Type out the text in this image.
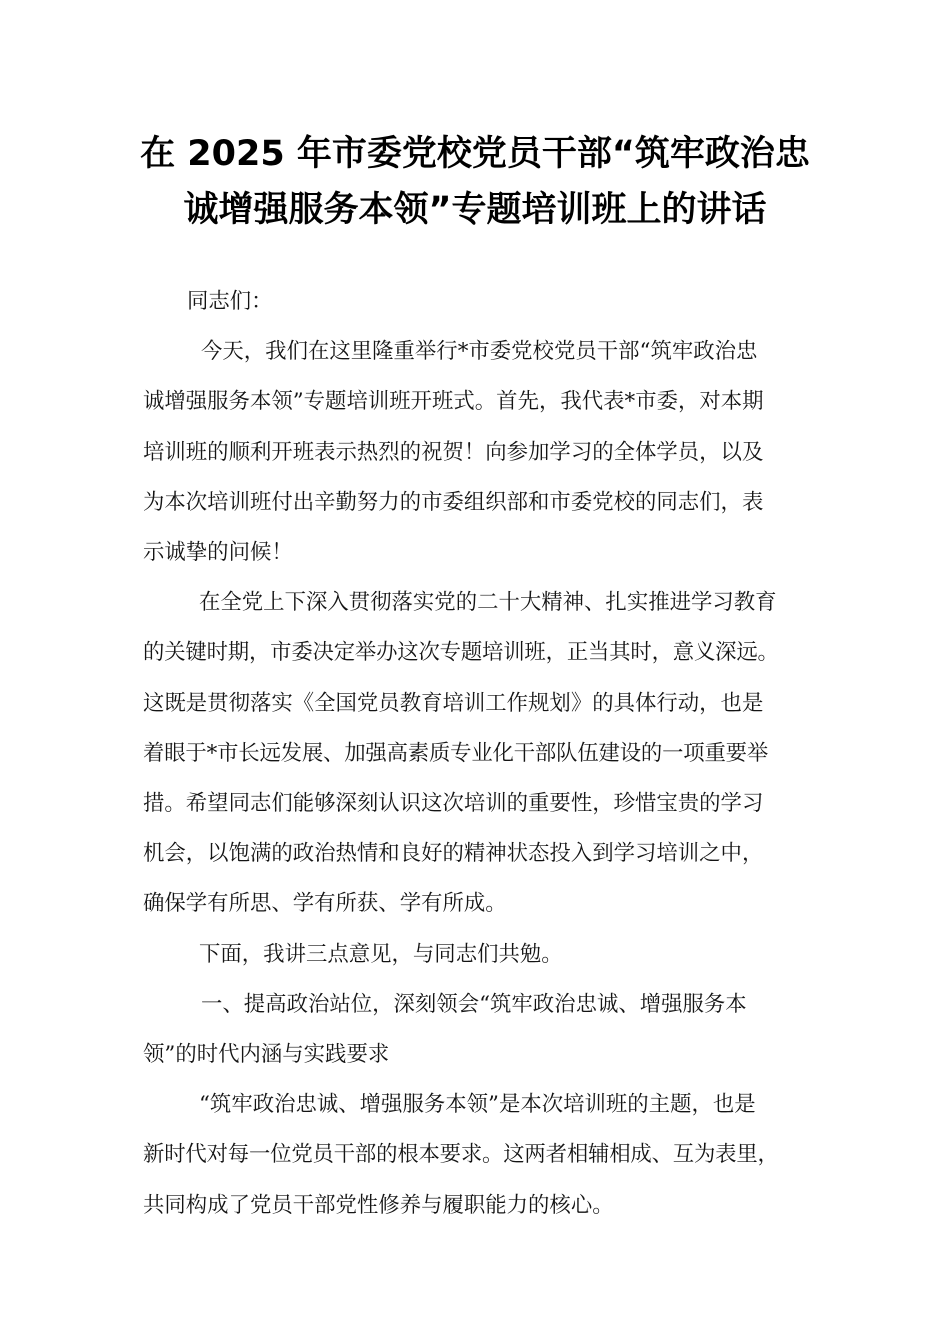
在 2025 年市委党校党员干部“筑牢政治忠
诚增强服务本领”专题培训班上的讲话

同志们：

今天，我们在这里隆重举行*市委党校党员干部“筑牢政治忠

诚增强服务本领”专题培训班开班式。首先，我代表*市委，对本期

培训班的顺利开班表示热烈的祝贺！向参加学习的全体学员，以及

为本次培训班付出辛勤努力的市委组织部和市委党校的同志们，表

示诚挚的问候！

在全党上下深入贯彻落实党的二十大精神、扎实推进学习教育

的关键时期，市委决定举办这次专题培训班，正当其时，意义深远。

这既是贯彻落实《全国党员教育培训工作规划》的具体行动，也是

着眼于*市长远发展、加强高素质专业化干部队伍建设的一项重要举

措。希望同志们能够深刻认识这次培训的重要性，珍惜宝贵的学习

机会，以饱满的政治热情和良好的精神状态投入到学习培训之中，

确保学有所思、学有所获、学有所成。

下面，我讲三点意见，与同志们共勉。

一、提高政治站位，深刻领会“筑牢政治忠诚、增强服务本

领”的时代内涵与实践要求

“筑牢政治忠诚、增强服务本领”是本次培训班的主题，也是

新时代对每一位党员干部的根本要求。这两者相辅相成、互为表里，

共同构成了党员干部党性修养与履职能力的核心。
